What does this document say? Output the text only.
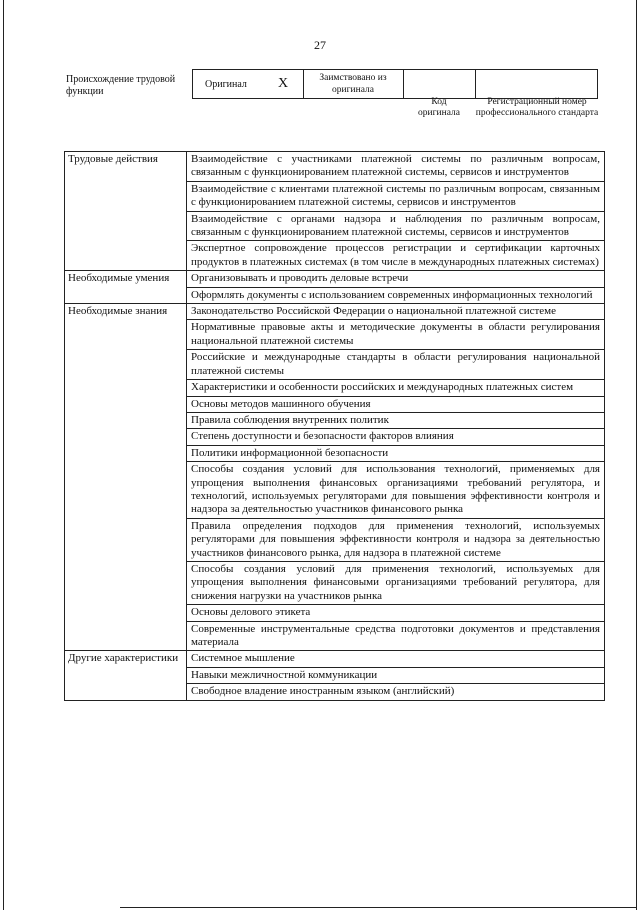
27
Происхождение трудовой функции
Оригинал	X	Заимствовано из оригинала
Код оригинала
Регистрационный номер профессионального стандарта
Трудовые действия	Взаимодействие с участниками платежной системы по различным вопросам, связанным с функционированием платежной системы, сервисов и инструментов
	Взаимодействие с клиентами платежной системы по различным вопросам, связанным с функционированием платежной системы, сервисов и инструментов
	Взаимодействие с органами надзора и наблюдения по различным вопросам, связанным с функционированием платежной системы, сервисов и инструментов
	Экспертное сопровождение процессов регистрации и сертификации карточных продуктов в платежных системах (в том числе в международных платежных системах)
Необходимые умения	Организовывать и проводить деловые встречи
	Оформлять документы с использованием современных информационных технологий
Необходимые знания	Законодательство Российской Федерации о национальной платежной системе
	Нормативные правовые акты и методические документы в области регулирования национальной платежной системы
	Российские и международные стандарты в области регулирования национальной платежной системы
	Характеристики и особенности российских и международных платежных систем
	Основы методов машинного обучения
	Правила соблюдения внутренних политик
	Степень доступности и безопасности факторов влияния
	Политики информационной безопасности
	Способы создания условий для использования технологий, применяемых для упрощения выполнения финансовых организациями требований регулятора, и технологий, используемых регуляторами для повышения эффективности контроля и надзора за деятельностью участников финансового рынка
	Правила определения подходов для применения технологий, используемых регуляторами для повышения эффективности контроля и надзора за деятельностью участников финансового рынка, для надзора в платежной системе
	Способы создания условий для применения технологий, используемых для упрощения выполнения финансовыми организациями требований регулятора, для снижения нагрузки на участников рынка
	Основы делового этикета
	Современные инструментальные средства подготовки документов и представления материала
Другие характеристики	Системное мышление
	Навыки межличностной коммуникации
	Свободное владение иностранным языком (английский)
